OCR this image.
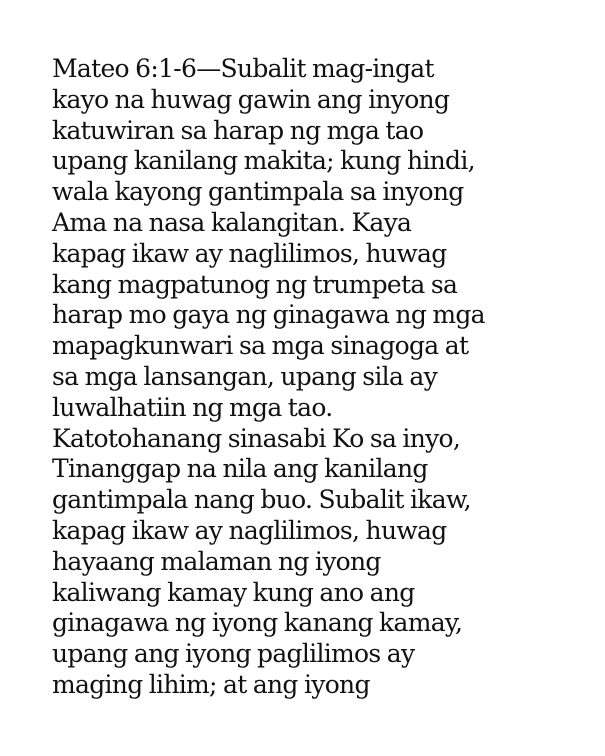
Mateo 6:1-6—Subalit mag-ingat
kayo na huwag gawin ang inyong
katuwiran sa harap ng mga tao
upang kanilang makita; kung hindi,
wala kayong gantimpala sa inyong
Ama na nasa kalangitan. Kaya
kapag ikaw ay naglilimos, huwag
kang magpatunog ng trumpeta sa
harap mo gaya ng ginagawa ng mga
mapagkunwari sa mga sinagoga at
sa mga lansangan, upang sila ay
luwalhatiin ng mga tao.
Katotohanang sinasabi Ko sa inyo,
Tinanggap na nila ang kanilang
gantimpala nang buo. Subalit ikaw,
kapag ikaw ay naglilimos, huwag
hayaang malaman ng iyong
kaliwang kamay kung ano ang
ginagawa ng iyong kanang kamay,
upang ang iyong paglilimos ay
maging lihim; at ang iyong
